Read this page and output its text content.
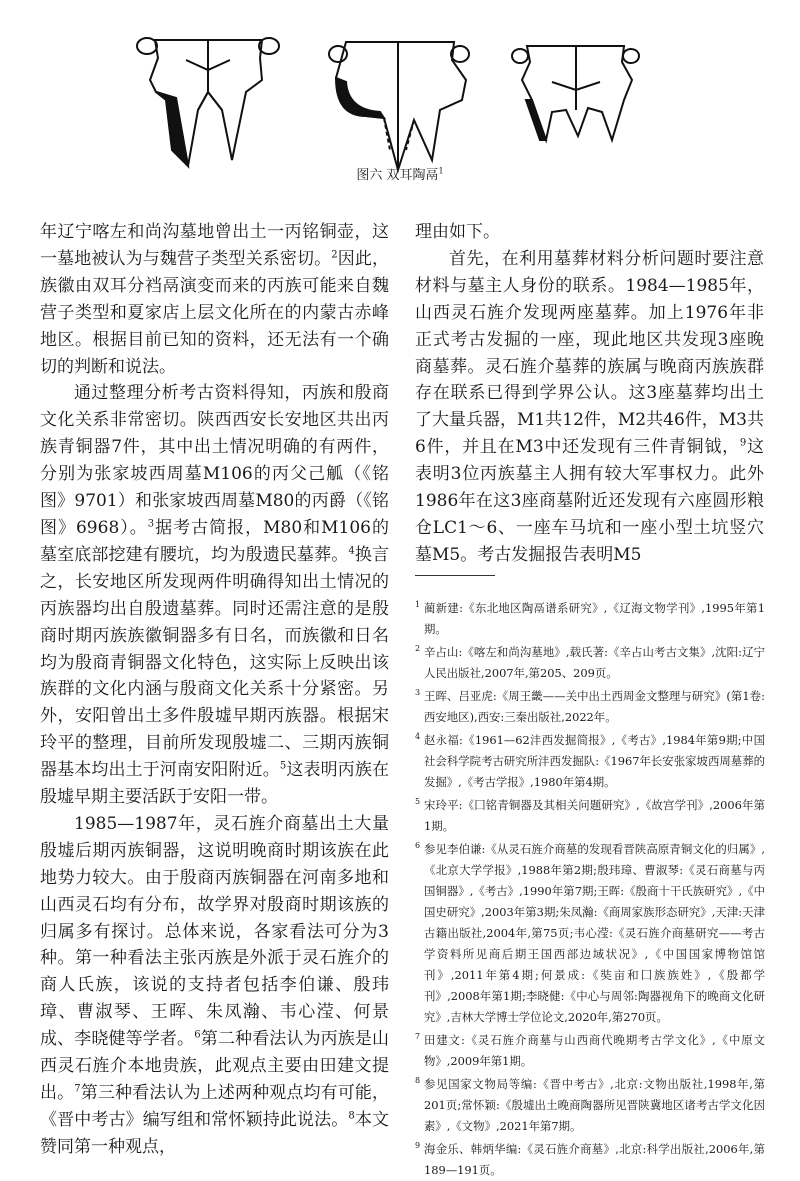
图六 双耳陶鬲$^1$

年辽宁喀左和尚沟墓地曾出土一丙铭铜壶，这一墓地被认为与魏营子类型关系密切。$^2$因此，族徽由双耳分裆鬲演变而来的丙族可能来自魏营子类型和夏家店上层文化所在的内蒙古赤峰地区。根据目前已知的资料，还无法有一个确切的判断和说法。

通过整理分析考古资料得知，丙族和殷商文化关系非常密切。陕西西安长安地区共出丙族青铜器7件，其中出土情况明确的有两件，分别为张家坡西周墓M106的丙父己觚（《铭图》9701）和张家坡西周墓M80的丙爵（《铭图》6968）。$^3$据考古简报，M80和M106的墓室底部挖建有腰坑，均为殷遗民墓葬。$^4$换言之，长安地区所发现两件明确得知出土情况的丙族器均出自殷遗墓葬。同时还需注意的是殷商时期丙族族徽铜器多有日名，而族徽和日名均为殷商青铜器文化特色，这实际上反映出该族群的文化内涵与殷商文化关系十分紧密。另外，安阳曾出土多件殷墟早期丙族器。根据宋玲平的整理，目前所发现殷墟二、三期丙族铜器基本均出土于河南安阳附近。$^5$这表明丙族在殷墟早期主要活跃于安阳一带。

1985—1987年，灵石旌介商墓出土大量殷墟后期丙族铜器，这说明晚商时期该族在此地势力较大。由于殷商丙族铜器在河南多地和山西灵石均有分布，故学界对殷商时期该族的归属多有探讨。总体来说，各家看法可分为3种。第一种看法主张丙族是外派于灵石旌介的商人氏族，该说的支持者包括李伯谦、殷玮璋、曹淑琴、王晖、朱凤瀚、韦心滢、何景成、李晓健等学者。$^6$第二种看法认为丙族是山西灵石旌介本地贵族，此观点主要由田建文提出。$^7$第三种看法认为上述两种观点均有可能，《晋中考古》编写组和常怀颖持此说法。$^8$本文赞同第一种观点，

理由如下。

首先，在利用墓葬材料分析问题时要注意材料与墓主人身份的联系。1984—1985年，山西灵石旌介发现两座墓葬。加上1976年非正式考古发掘的一座，现此地区共发现3座晚商墓葬。灵石旌介墓葬的族属与晚商丙族族群存在联系已得到学界公认。这3座墓葬均出土了大量兵器，M1共12件，M2共46件，M3共6件，并且在M3中还发现有三件青铜钺，$^9$这表明3位丙族墓主人拥有较大军事权力。此外1986年在这3座商墓附近还发现有六座圆形粮仓LC1～6、一座车马坑和一座小型土坑竖穴墓M5。考古发掘报告表明M5

1 蔺新建:《东北地区陶鬲谱系研究》,《辽海文物学刊》,1995年第1期。
2 辛占山:《喀左和尚沟墓地》,载氏著:《辛占山考古文集》,沈阳:辽宁人民出版社,2007年,第205、209页。
3 王晖、吕亚虎:《周王畿——关中出土西周金文整理与研究》(第1卷:西安地区),西安:三秦出版社,2022年。
4 赵永福:《1961—62沣西发掘简报》,《考古》,1984年第9期;中国社会科学院考古研究所沣西发掘队:《1967年长安张家坡西周墓葬的发掘》,《考古学报》,1980年第4期。
5 宋玲平:《囗铭青铜器及其相关问题研究》,《故宫学刊》,2006年第1期。
6 参见李伯谦:《从灵石旌介商墓的发现看晋陕高原青铜文化的归属》,《北京大学学报》,1988年第2期;殷玮璋、曹淑琴:《灵石商墓与丙国铜器》,《考古》,1990年第7期;王晖:《殷商十干氏族研究》,《中国史研究》,2003年第3期;朱凤瀚:《商周家族形态研究》,天津:天津古籍出版社,2004年,第75页;韦心滢:《灵石旌介商墓研究——考古学资料所见商后期王国西部边域状况》,《中国国家博物馆馆刊》,2011年第4期;何景成:《奘亩和囗族族姓》,《殷都学刊》,2008年第1期;李晓健:《中心与周邻:陶器视角下的晚商文化研究》,吉林大学博士学位论文,2020年,第270页。
7 田建文:《灵石旌介商墓与山西商代晚期考古学文化》,《中原文物》,2009年第1期。
8 参见国家文物局等编:《晋中考古》,北京:文物出版社,1998年,第201页;常怀颖:《殷墟出土晚商陶器所见晋陕冀地区诸考古学文化因素》,《文物》,2021年第7期。
9 海金乐、韩炳华编:《灵石旌介商墓》,北京:科学出版社,2006年,第189—191页。
